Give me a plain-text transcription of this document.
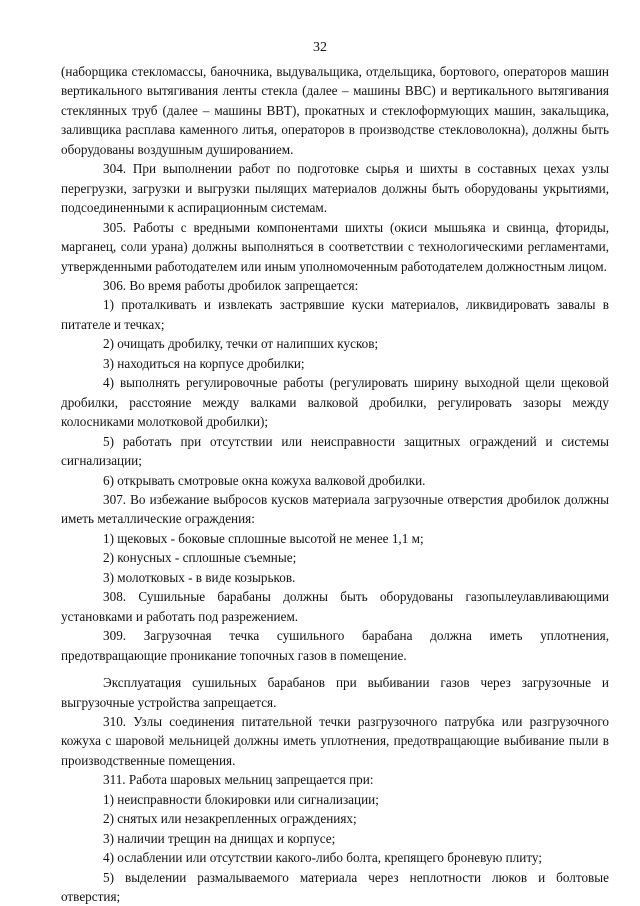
32

(наборщика стекломассы, баночника, выдувальщика, отдельщика, бортового, операторов машин вертикального вытягивания ленты стекла (далее – машины ВВС) и вертикального вытягивания стеклянных труб (далее – машины ВВТ), прокатных и стеклоформующих машин, закальщика, заливщика расплава каменного литья, операторов в производстве стекловолокна), должны быть оборудованы воздушным душированием.

304. При выполнении работ по подготовке сырья и шихты в составных цехах узлы перегрузки, загрузки и выгрузки пылящих материалов должны быть оборудованы укрытиями, подсоединенными к аспирационным системам.

305. Работы с вредными компонентами шихты (окиси мышьяка и свинца, фториды, марганец, соли урана) должны выполняться в соответствии с технологическими регламентами, утвержденными работодателем или иным уполномоченным работодателем должностным лицом.

306. Во время работы дробилок запрещается:

1) проталкивать и извлекать застрявшие куски материалов, ликвидировать завалы в питателе и течках;

2) очищать дробилку, течки от налипших кусков;

3) находиться на корпусе дробилки;

4) выполнять регулировочные работы (регулировать ширину выходной щели щековой дробилки, расстояние между валками валковой дробилки, регулировать зазоры между колосниками молотковой дробилки);

5) работать при отсутствии или неисправности защитных ограждений и системы сигнализации;

6) открывать смотровые окна кожуха валковой дробилки.

307. Во избежание выбросов кусков материала загрузочные отверстия дробилок должны иметь металлические ограждения:

1) щековых - боковые сплошные высотой не менее 1,1 м;

2) конусных - сплошные съемные;

3) молотковых - в виде козырьков.

308. Сушильные барабаны должны быть оборудованы газопылеулавливающими установками и работать под разрежением.

309. Загрузочная течка сушильного барабана должна иметь уплотнения, предотвращающие проникание топочных газов в помещение.

Эксплуатация сушильных барабанов при выбивании газов через загрузочные и выгрузочные устройства запрещается.

310. Узлы соединения питательной течки разгрузочного патрубка или разгрузочного кожуха с шаровой мельницей должны иметь уплотнения, предотвращающие выбивание пыли в производственные помещения.

311. Работа шаровых мельниц запрещается при:

1) неисправности блокировки или сигнализации;

2) снятых или незакрепленных ограждениях;

3) наличии трещин на днищах и корпусе;

4) ослаблении или отсутствии какого-либо болта, крепящего броневую плиту;

5) выделении размалываемого материала через неплотности люков и болтовые отверстия;
